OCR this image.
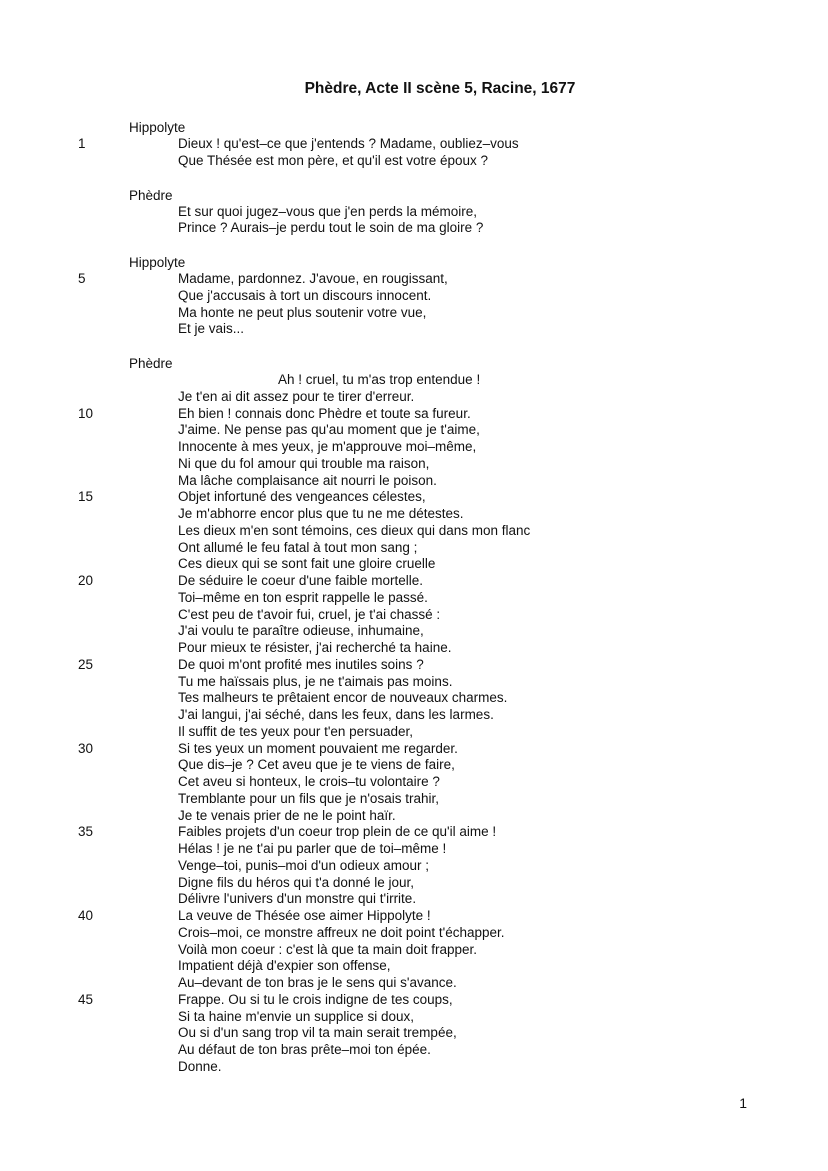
Phèdre, Acte II scène 5, Racine, 1677
Hippolyte
1	Dieux ! qu'est–ce que j'entends ? Madame, oubliez–vous
Que Thésée est mon père, et qu'il est votre époux ?
Phèdre
Et sur quoi jugez–vous que j'en perds la mémoire,
Prince ? Aurais–je perdu tout le soin de ma gloire ?
Hippolyte
5	Madame, pardonnez. J'avoue, en rougissant,
Que j'accusais à tort un discours innocent.
Ma honte ne peut plus soutenir votre vue,
Et je vais...
Phèdre
Ah ! cruel, tu m'as trop entendue !
Je t'en ai dit assez pour te tirer d'erreur.
10	Eh bien ! connais donc Phèdre et toute sa fureur.
J'aime. Ne pense pas qu'au moment que je t'aime,
Innocente à mes yeux, je m'approuve moi–même,
Ni que du fol amour qui trouble ma raison,
Ma lâche complaisance ait nourri le poison.
15	Objet infortuné des vengeances célestes,
Je m'abhorre encor plus que tu ne me détestes.
Les dieux m'en sont témoins, ces dieux qui dans mon flanc
Ont allumé le feu fatal à tout mon sang ;
Ces dieux qui se sont fait une gloire cruelle
20	De séduire le coeur d'une faible mortelle.
Toi–même en ton esprit rappelle le passé.
C'est peu de t'avoir fui, cruel, je t'ai chassé :
J'ai voulu te paraître odieuse, inhumaine,
Pour mieux te résister, j'ai recherché ta haine.
25	De quoi m'ont profité mes inutiles soins ?
Tu me haïssais plus, je ne t'aimais pas moins.
Tes malheurs te prêtaient encor de nouveaux charmes.
J'ai langui, j'ai séché, dans les feux, dans les larmes.
Il suffit de tes yeux pour t'en persuader,
30	Si tes yeux un moment pouvaient me regarder.
Que dis–je ? Cet aveu que je te viens de faire,
Cet aveu si honteux, le crois–tu volontaire ?
Tremblante pour un fils que je n'osais trahir,
Je te venais prier de ne le point haïr.
35	Faibles projets d'un coeur trop plein de ce qu'il aime !
Hélas ! je ne t'ai pu parler que de toi–même !
Venge–toi, punis–moi d'un odieux amour ;
Digne fils du héros qui t'a donné le jour,
Délivre l'univers d'un monstre qui t'irrite.
40	La veuve de Thésée ose aimer Hippolyte !
Crois–moi, ce monstre affreux ne doit point t'échapper.
Voilà mon coeur : c'est là que ta main doit frapper.
Impatient déjà d'expier son offense,
Au–devant de ton bras je le sens qui s'avance.
45	Frappe. Ou si tu le crois indigne de tes coups,
Si ta haine m'envie un supplice si doux,
Ou si d'un sang trop vil ta main serait trempée,
Au défaut de ton bras prête–moi ton épée.
Donne.
1
